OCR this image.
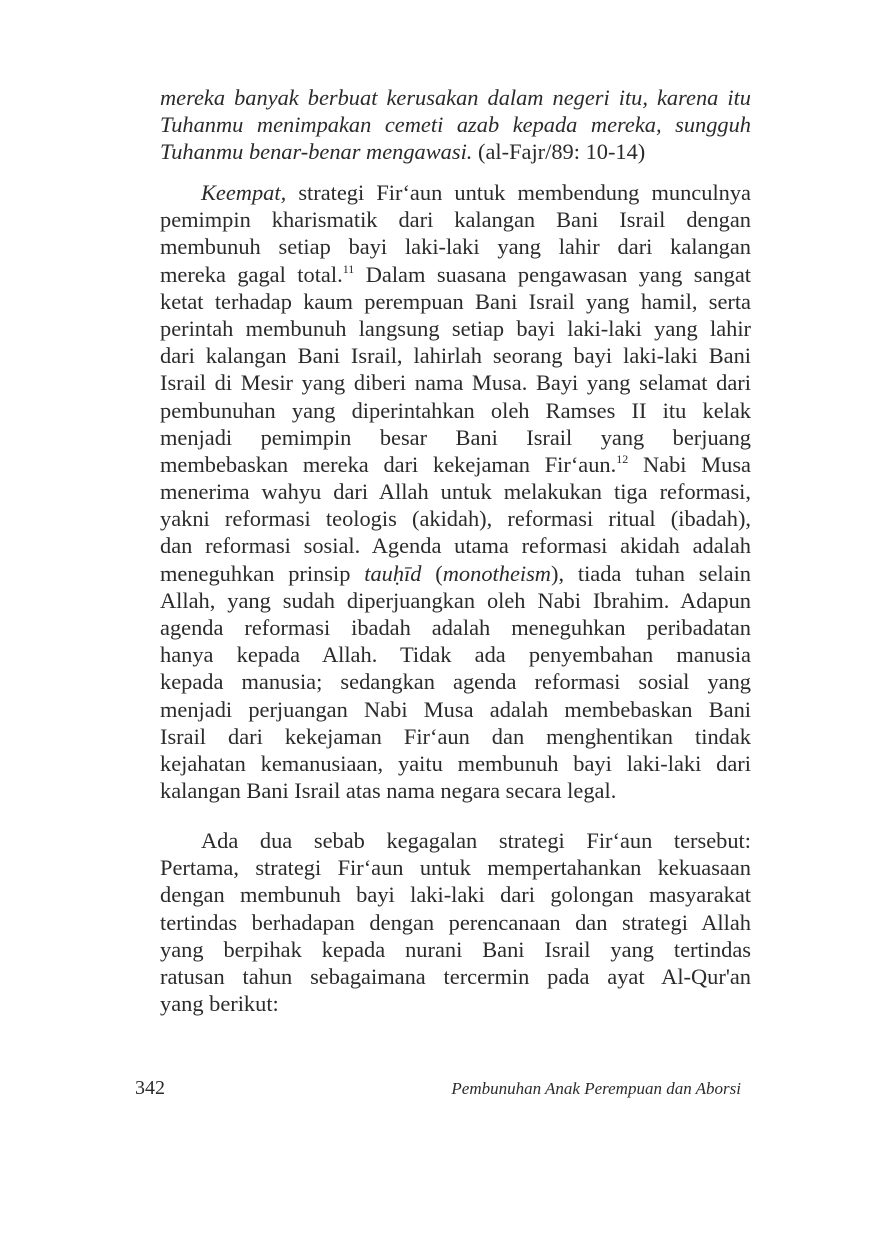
mereka banyak berbuat kerusakan dalam negeri itu, karena itu
Tuhanmu menimpakan cemeti azab kepada mereka, sungguh
Tuhanmu benar-benar mengawasi. (al-Fajr/89: 10-14)
Keempat, strategi Fir‘aun untuk membendung munculnya
pemimpin kharismatik dari kalangan Bani Israil dengan
membunuh setiap bayi laki-laki yang lahir dari kalangan
mereka gagal total.$^{11}$ Dalam suasana pengawasan yang sangat
ketat terhadap kaum perempuan Bani Israil yang hamil, serta
perintah membunuh langsung setiap bayi laki-laki yang lahir
dari kalangan Bani Israil, lahirlah seorang bayi laki-laki Bani
Israil di Mesir yang diberi nama Musa. Bayi yang selamat dari
pembunuhan yang diperintahkan oleh Ramses II itu kelak
menjadi pemimpin besar Bani Israil yang berjuang
membebaskan mereka dari kekejaman Fir‘aun.$^{12}$ Nabi Musa
menerima wahyu dari Allah untuk melakukan tiga reformasi,
yakni reformasi teologis (akidah), reformasi ritual (ibadah),
dan reformasi sosial. Agenda utama reformasi akidah adalah
meneguhkan prinsip tauḥīd (monotheism), tiada tuhan selain
Allah, yang sudah diperjuangkan oleh Nabi Ibrahim. Adapun
agenda reformasi ibadah adalah meneguhkan peribadatan
hanya kepada Allah. Tidak ada penyembahan manusia
kepada manusia; sedangkan agenda reformasi sosial yang
menjadi perjuangan Nabi Musa adalah membebaskan Bani
Israil dari kekejaman Fir‘aun dan menghentikan tindak
kejahatan kemanusiaan, yaitu membunuh bayi laki-laki dari
kalangan Bani Israil atas nama negara secara legal.
Ada dua sebab kegagalan strategi Fir‘aun tersebut:
Pertama, strategi Fir‘aun untuk mempertahankan kekuasaan
dengan membunuh bayi laki-laki dari golongan masyarakat
tertindas berhadapan dengan perencanaan dan strategi Allah
yang berpihak kepada nurani Bani Israil yang tertindas
ratusan tahun sebagaimana tercermin pada ayat Al-Qur'an
yang berikut:
342	Pembunuhan Anak Perempuan dan Aborsi
